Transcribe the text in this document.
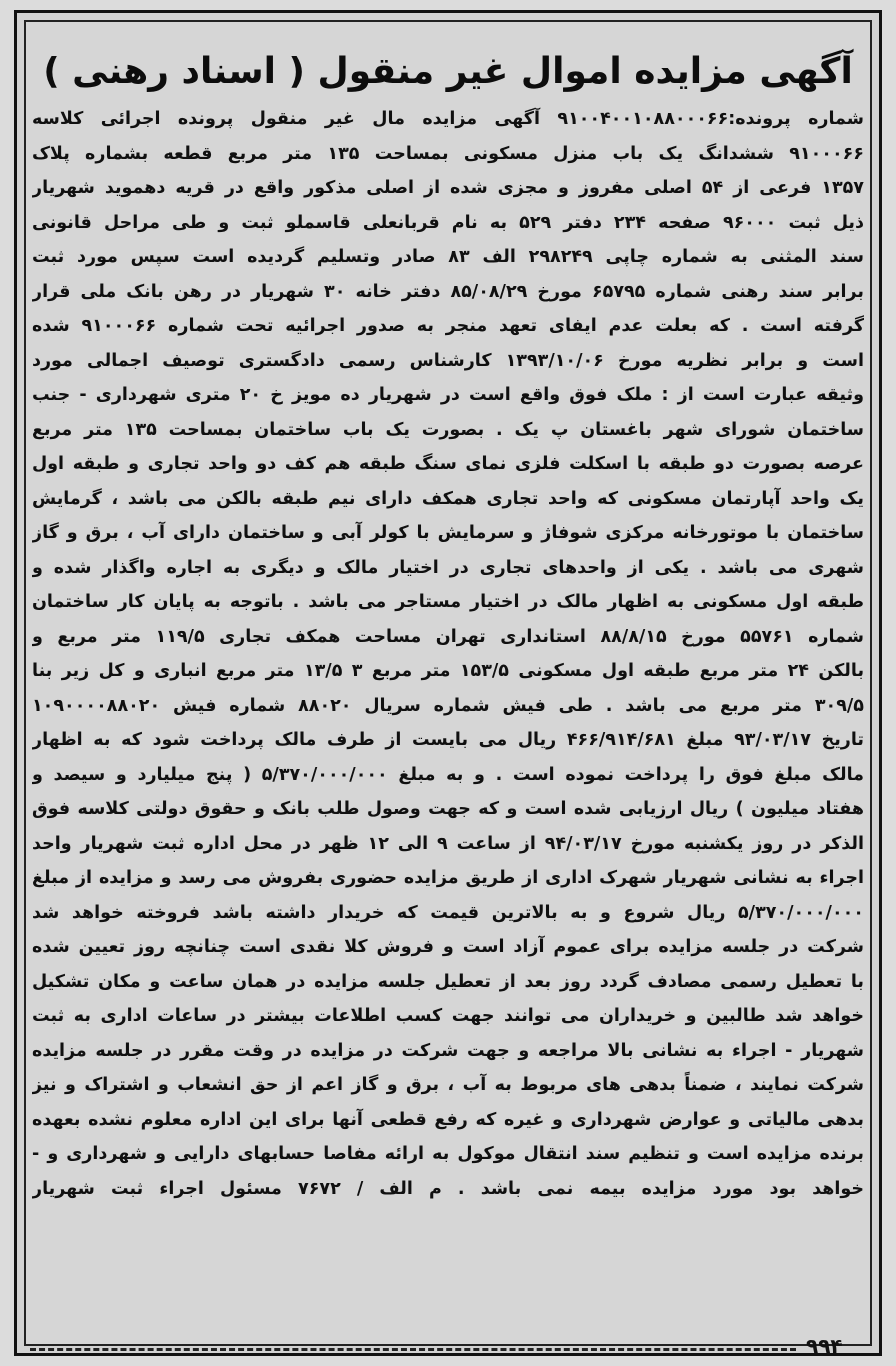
آگهی مزایده اموال غیر منقول ( اسناد رهنی )
شماره پرونده:۹۱۰۰۴۰۰۱۰۸۸۰۰۰۶۶ آگهی مزایده مال غیر منقول پرونده اجرائی کلاسه
۹۱۰۰۰۶۶ ششدانگ یک باب منزل مسکونی بمساحت ۱۳۵ متر مربع قطعه بشماره پلاک
۱۳۵۷ فرعی از ۵۴ اصلی مفروز و مجزی شده از اصلی مذکور واقع در قریه دهموید شهریار
ذیل ثبت ۹۶۰۰۰ صفحه ۲۳۴ دفتر ۵۲۹ به نام قربانعلی قاسملو ثبت و طی مراحل قانونی
سند المثنی به شماره چاپی ۲۹۸۲۴۹ الف ۸۳ صادر وتسلیم گردیده است سپس مورد ثبت
برابر سند رهنی شماره ۶۵۷۹۵ مورخ ۸۵/۰۸/۲۹ دفتر خانه ۳۰ شهریار در رهن بانک ملی قرار
گرفته است . که بعلت عدم ایفای تعهد منجر به صدور اجرائیه تحت شماره ۹۱۰۰۰۶۶ شده
است و برابر نظریه مورخ ۱۳۹۳/۱۰/۰۶ کارشناس رسمی دادگستری توصیف اجمالی مورد
وثیقه عبارت است از : ملک فوق واقع است در شهریار ده مویز خ ۲۰ متری شهرداری - جنب
ساختمان شورای شهر باغستان پ یک . بصورت یک باب ساختمان بمساحت ۱۳۵ متر مربع
عرصه بصورت دو طبقه با اسکلت فلزی نمای سنگ طبقه هم کف دو واحد تجاری و طبقه اول
یک واحد آپارتمان مسکونی که واحد تجاری همکف دارای نیم طبقه بالکن می باشد ، گرمایش
ساختمان با موتورخانه مرکزی شوفاژ و سرمایش با کولر آبی و ساختمان دارای آب ، برق و گاز
شهری می باشد . یکی از واحدهای تجاری در اختیار مالک و دیگری به اجاره واگذار شده و
طبقه اول مسکونی به اظهار مالک در اختیار مستاجر می باشد . باتوجه به پایان کار ساختمان
شماره ۵۵۷۶۱ مورخ ۸۸/۸/۱۵ استانداری تهران مساحت همکف تجاری ۱۱۹/۵ متر مربع و
بالکن ۲۴ متر مربع طبقه اول مسکونی ۱۵۳/۵ متر مربع ۳ ۱۳/۵ متر مربع انباری و کل زیر بنا
۳۰۹/۵ متر مربع می باشد . طی فیش شماره سریال ۸۸۰۲۰ شماره فیش ۱۰۹۰۰۰۰۸۸۰۲۰
تاریخ ۹۳/۰۳/۱۷ مبلغ ۴۶۶/۹۱۴/۶۸۱ ریال می بایست از طرف مالک پرداخت شود که به اظهار
مالک مبلغ فوق را پرداخت نموده است . و به مبلغ ۵/۳۷۰/۰۰۰/۰۰۰ ( پنج میلیارد و سیصد و
هفتاد میلیون ) ریال ارزیابی شده است و که جهت وصول طلب بانک و حقوق دولتی کلاسه فوق
الذکر در روز یکشنبه مورخ ۹۴/۰۳/۱۷ از ساعت ۹ الی ۱۲ ظهر در محل اداره ثبت شهریار واحد
اجراء به نشانی شهریار شهرک اداری از طریق مزایده حضوری بفروش می رسد و مزایده از مبلغ
۵/۳۷۰/۰۰۰/۰۰۰ ریال شروع و به بالاترین قیمت که خریدار داشته باشد فروخته خواهد شد
شرکت در جلسه مزایده برای عموم آزاد است و فروش کلا نقدی است چنانچه روز تعیین شده
با تعطیل رسمی مصادف گردد روز بعد از تعطیل جلسه مزایده در همان ساعت و مکان تشکیل
خواهد شد طالبین و خریداران می توانند جهت کسب اطلاعات بیشتر در ساعات اداری به ثبت
شهریار - اجراء به نشانی بالا مراجعه و جهت شرکت در مزایده در وقت مقرر در جلسه مزایده
شرکت نمایند ، ضمناً بدهی های مربوط به آب ، برق و گاز اعم از حق انشعاب و اشتراک و نیز
بدهی مالیاتی و عوارض شهرداری و غیره که رفع قطعی آنها برای این اداره معلوم نشده بعهده
برنده مزایده است و تنظیم سند انتقال موکول به ارائه مفاصا حسابهای دارایی و شهرداری و -
خواهد بود مورد مزایده بیمه نمی باشد . م الف / ۷۶۷۲ مسئول اجراء ثبت شهریار
۹۹۴
